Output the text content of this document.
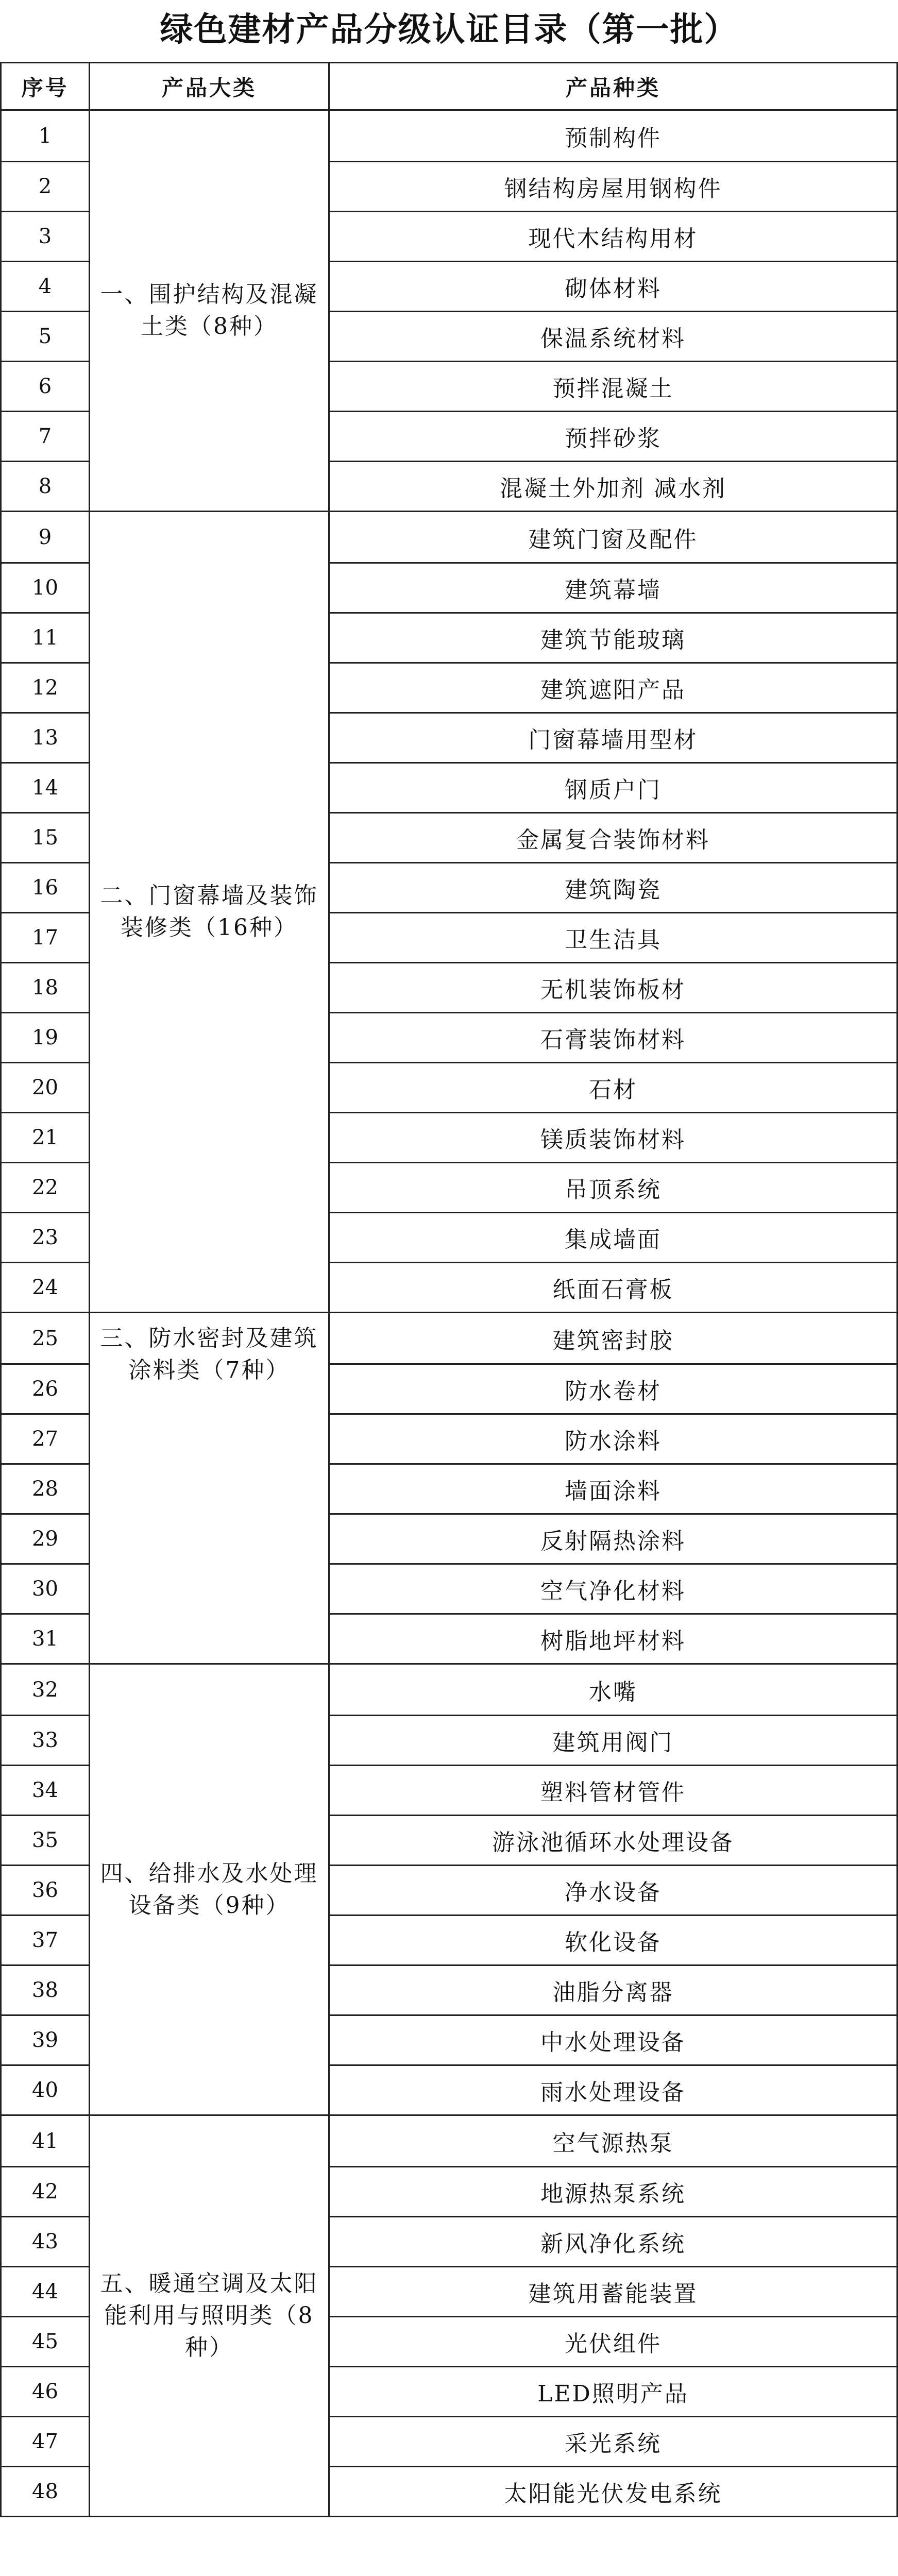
绿色建材产品分级认证目录（第一批）
序号	产品大类	产品种类
1
2
3
4
5
6
7
8
一、围护结构及混凝土类（8种）
预制构件
钢结构房屋用钢构件
现代木结构用材
砌体材料
保温系统材料
预拌混凝土
预拌砂浆
混凝土外加剂 减水剂
9
10
11
12
13
14
15
16
17
18
19
20
21
22
23
24
二、门窗幕墙及装饰装修类（16种）
建筑门窗及配件
建筑幕墙
建筑节能玻璃
建筑遮阳产品
门窗幕墙用型材
钢质户门
金属复合装饰材料
建筑陶瓷
卫生洁具
无机装饰板材
石膏装饰材料
石材
镁质装饰材料
吊顶系统
集成墙面
纸面石膏板
25
26
27
28
29
30
31
三、防水密封及建筑涂料类（7种）
建筑密封胶
防水卷材
防水涂料
墙面涂料
反射隔热涂料
空气净化材料
树脂地坪材料
32
33
34
35
36
37
38
39
40
四、给排水及水处理设备类（9种）
水嘴
建筑用阀门
塑料管材管件
游泳池循环水处理设备
净水设备
软化设备
油脂分离器
中水处理设备
雨水处理设备
41
42
43
44
45
46
47
48
五、暖通空调及太阳能利用与照明类（8种）
空气源热泵
地源热泵系统
新风净化系统
建筑用蓄能装置
光伏组件
LED照明产品
采光系统
太阳能光伏发电系统
